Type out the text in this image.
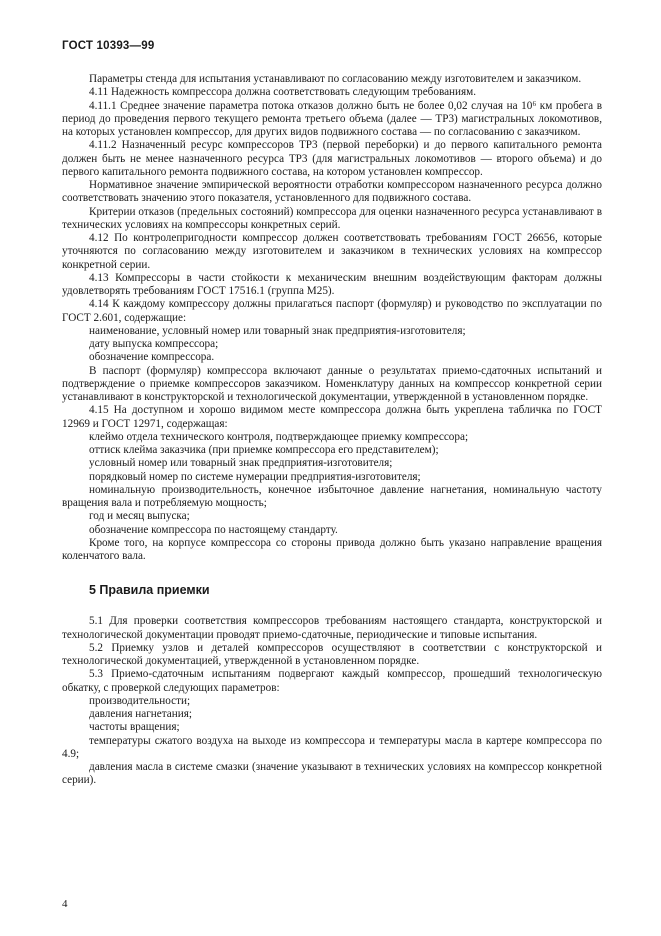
ГОСТ 10393—99

Параметры стенда для испытания устанавливают по согласованию между изготовителем и заказчиком.

4.11 Надежность компрессора должна соответствовать следующим требованиям.

4.11.1 Среднее значение параметра потока отказов должно быть не более 0,02 случая на 10⁶ км пробега в период до проведения первого текущего ремонта третьего объема (далее — ТР3) магистральных локомотивов, на которых установлен компрессор, для других видов подвижного состава — по согласованию с заказчиком.

4.11.2 Назначенный ресурс компрессоров ТР3 (первой переборки) и до первого капитального ремонта должен быть не менее назначенного ресурса ТР3 (для магистральных локомотивов — второго объема) и до первого капитального ремонта подвижного состава, на котором установлен компрессор.

Нормативное значение эмпирической вероятности отработки компрессором назначенного ресурса должно соответствовать значению этого показателя, установленного для подвижного состава.

Критерии отказов (предельных состояний) компрессора для оценки назначенного ресурса устанавливают в технических условиях на компрессоры конкретных серий.

4.12 По контролепригодности компрессор должен соответствовать требованиям ГОСТ 26656, которые уточняются по согласованию между изготовителем и заказчиком в технических условиях на компрессор конкретной серии.

4.13 Компрессоры в части стойкости к механическим внешним воздействующим факторам должны удовлетворять требованиям ГОСТ 17516.1 (группа М25).

4.14 К каждому компрессору должны прилагаться паспорт (формуляр) и руководство по эксплуатации по ГОСТ 2.601, содержащие:

наименование, условный номер или товарный знак предприятия-изготовителя;

дату выпуска компрессора;

обозначение компрессора.

В паспорт (формуляр) компрессора включают данные о результатах приемо-сдаточных испытаний и подтверждение о приемке компрессоров заказчиком. Номенклатуру данных на компрессор конкретной серии устанавливают в конструкторской и технологической документации, утвержденной в установленном порядке.

4.15 На доступном и хорошо видимом месте компрессора должна быть укреплена табличка по ГОСТ 12969 и ГОСТ 12971, содержащая:

клеймо отдела технического контроля, подтверждающее приемку компрессора;

оттиск клейма заказчика (при приемке компрессора его представителем);

условный номер или товарный знак предприятия-изготовителя;

порядковый номер по системе нумерации предприятия-изготовителя;

номинальную производительность, конечное избыточное давление нагнетания, номинальную частоту вращения вала и потребляемую мощность;

год и месяц выпуска;

обозначение компрессора по настоящему стандарту.

Кроме того, на корпусе компрессора со стороны привода должно быть указано направление вращения коленчатого вала.

5 Правила приемки

5.1 Для проверки соответствия компрессоров требованиям настоящего стандарта, конструкторской и технологической документации проводят приемо-сдаточные, периодические и типовые испытания.

5.2 Приемку узлов и деталей компрессоров осуществляют в соответствии с конструкторской и технологической документацией, утвержденной в установленном порядке.

5.3 Приемо-сдаточным испытаниям подвергают каждый компрессор, прошедший технологическую обкатку, с проверкой следующих параметров:

производительности;

давления нагнетания;

частоты вращения;

температуры сжатого воздуха на выходе из компрессора и температуры масла в картере компрессора по 4.9;

давления масла в системе смазки (значение указывают в технических условиях на компрессор конкретной серии).

4
